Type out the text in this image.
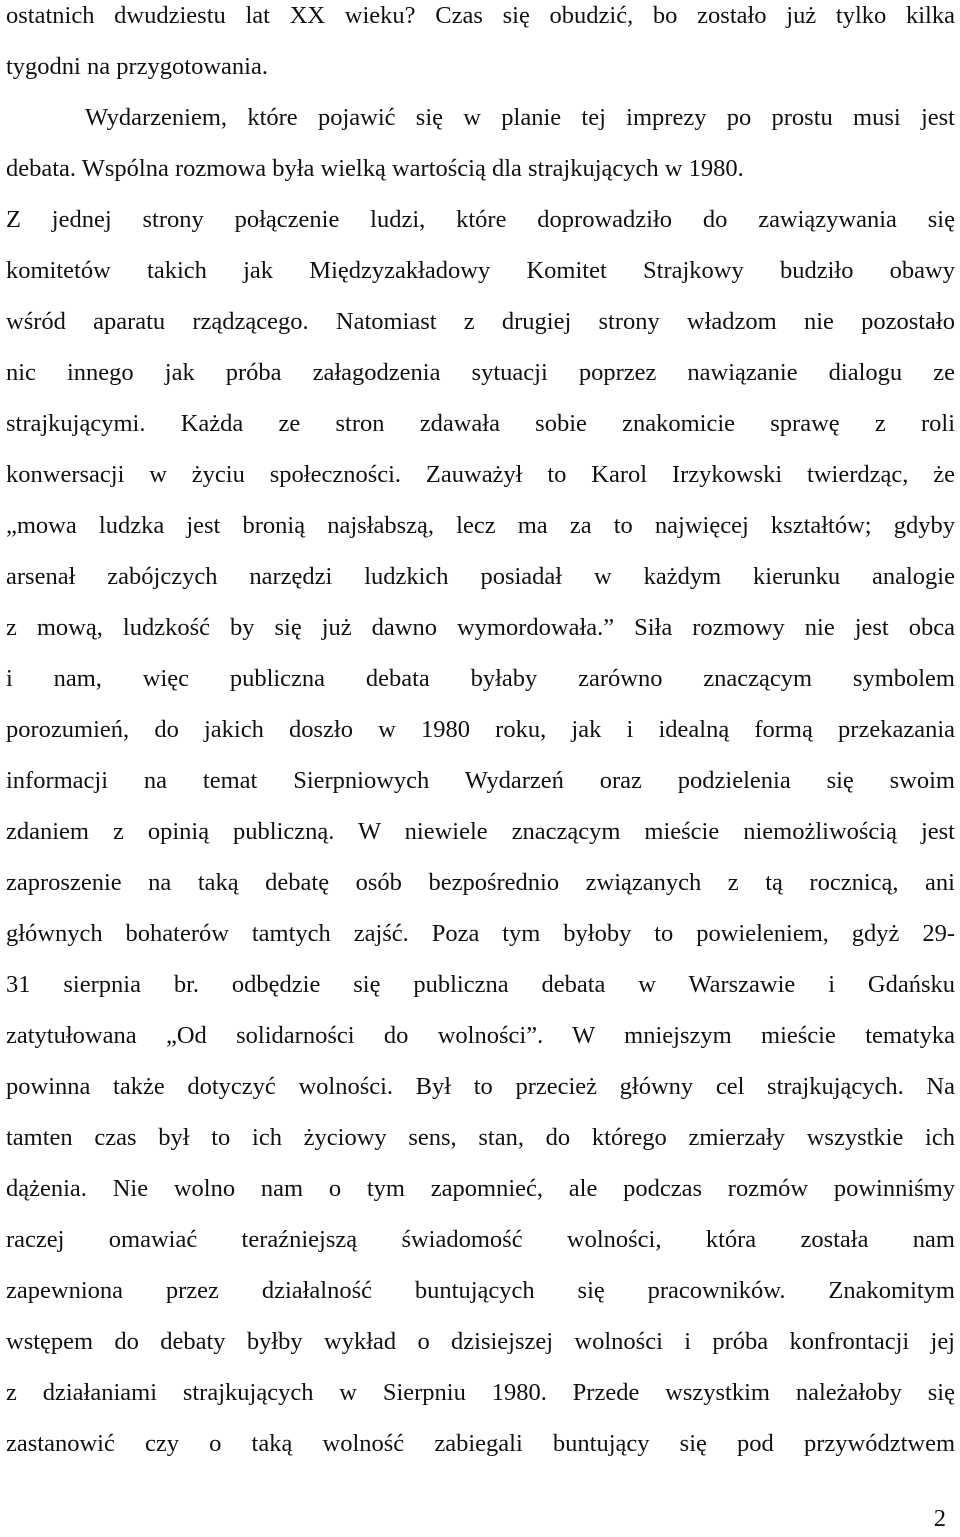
ostatnich dwudziestu lat XX wieku? Czas się obudzić, bo zostało już tylko kilka
tygodni na przygotowania.
Wydarzeniem, które pojawić się w planie tej imprezy po prostu musi jest
debata. Wspólna rozmowa była wielką wartością dla strajkujących w 1980.
Z jednej strony połączenie ludzi, które doprowadziło do zawiązywania się
komitetów takich jak Międzyzakładowy Komitet Strajkowy budziło obawy
wśród aparatu rządzącego. Natomiast z drugiej strony władzom nie pozostało
nic innego jak próba załagodzenia sytuacji poprzez nawiązanie dialogu ze
strajkującymi. Każda ze stron zdawała sobie znakomicie sprawę z roli
konwersacji w życiu społeczności. Zauważył to Karol Irzykowski twierdząc, że
„mowa ludzka jest bronią najsłabszą, lecz ma za to najwięcej kształtów; gdyby
arsenał zabójczych narzędzi ludzkich posiadał w każdym kierunku analogie
z mową, ludzkość by się już dawno wymordowała.” Siła rozmowy nie jest obca
i nam, więc publiczna debata byłaby zarówno znaczącym symbolem
porozumień, do jakich doszło w 1980 roku, jak i idealną formą przekazania
informacji na temat Sierpniowych Wydarzeń oraz podzielenia się swoim
zdaniem z opinią publiczną. W niewiele znaczącym mieście niemożliwością jest
zaproszenie na taką debatę osób bezpośrednio związanych z tą rocznicą, ani
głównych bohaterów tamtych zajść. Poza tym byłoby to powieleniem, gdyż 29-
31 sierpnia br. odbędzie się publiczna debata w Warszawie i Gdańsku
zatytułowana „Od solidarności do wolności”. W mniejszym mieście tematyka
powinna także dotyczyć wolności. Był to przecież główny cel strajkujących. Na
tamten czas był to ich życiowy sens, stan, do którego zmierzały wszystkie ich
dążenia. Nie wolno nam o tym zapomnieć, ale podczas rozmów powinniśmy
raczej omawiać teraźniejszą świadomość wolności, która została nam
zapewniona przez działalność buntujących się pracowników. Znakomitym
wstępem do debaty byłby wykład o dzisiejszej wolności i próba konfrontacji jej
z działaniami strajkujących w Sierpniu 1980. Przede wszystkim należałoby się
zastanowić czy o taką wolność zabiegali buntujący się pod przywództwem
2
